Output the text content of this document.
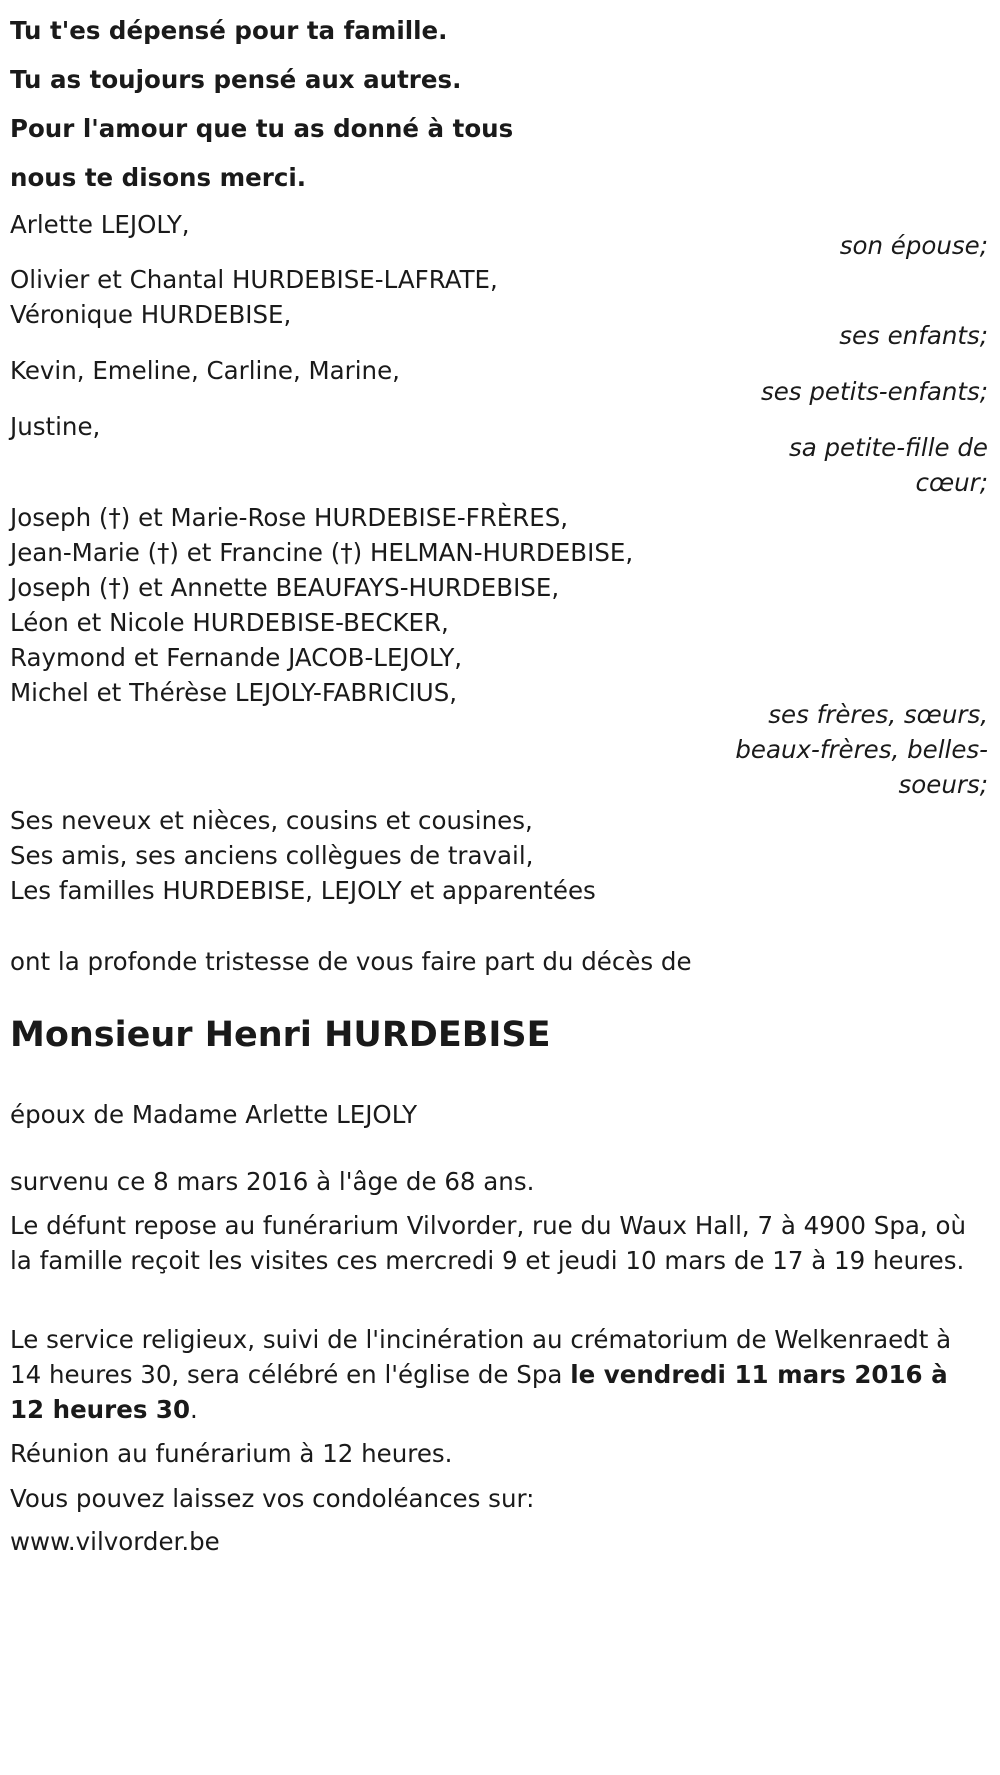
Tu t'es dépensé pour ta famille.
Tu as toujours pensé aux autres.
Pour l'amour que tu as donné à tous
nous te disons merci.
Arlette LEJOLY,
son épouse;
Olivier et Chantal HURDEBISE-LAFRATE,
Véronique HURDEBISE,
ses enfants;
Kevin, Emeline, Carline, Marine,
ses petits-enfants;
Justine,
sa petite-fille de
cœur;
Joseph (†) et Marie-Rose HURDEBISE-FRÈRES,
Jean-Marie (†) et Francine (†) HELMAN-HURDEBISE,
Joseph (†) et Annette BEAUFAYS-HURDEBISE,
Léon et Nicole HURDEBISE-BECKER,
Raymond et Fernande JACOB-LEJOLY,
Michel et Thérèse LEJOLY-FABRICIUS,
ses frères, sœurs,
beaux-frères, belles-
soeurs;
Ses neveux et nièces, cousins et cousines,
Ses amis, ses anciens collègues de travail,
Les familles HURDEBISE, LEJOLY et apparentées
ont la profonde tristesse de vous faire part du décès de
Monsieur Henri HURDEBISE
époux de Madame Arlette LEJOLY
survenu ce 8 mars 2016 à l'âge de 68 ans.
Le défunt repose au funérarium Vilvorder, rue du Waux Hall, 7 à 4900 Spa, où la famille reçoit les visites ces mercredi 9 et jeudi 10 mars de 17 à 19 heures.
Le service religieux, suivi de l'incinération au crématorium de Welkenraedt à 14 heures 30, sera célébré en l'église de Spa le vendredi 11 mars 2016 à 12 heures 30.
Réunion au funérarium à 12 heures.
Vous pouvez laissez vos condoléances sur:
www.vilvorder.be
